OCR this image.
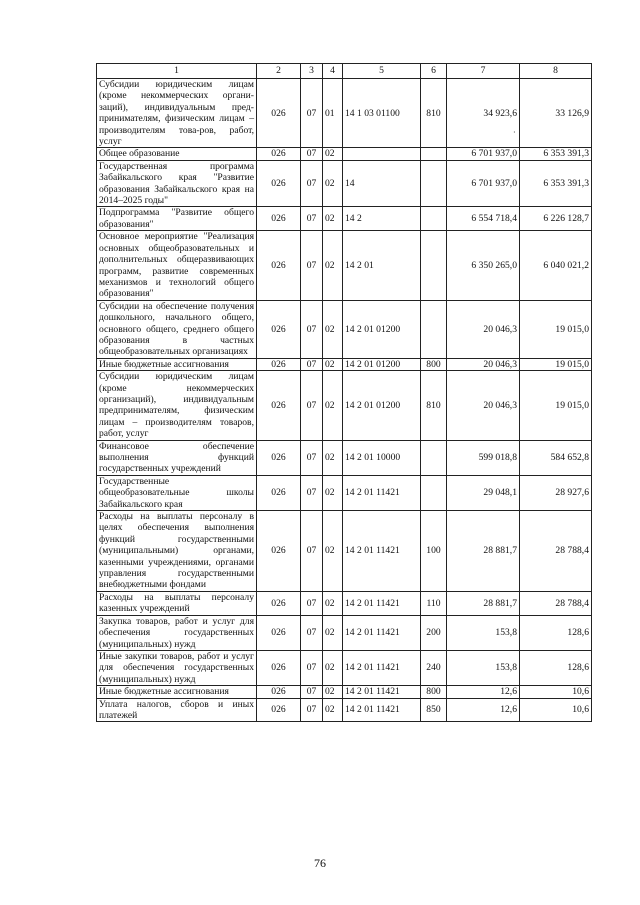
1	2	3	4	5	6	7	8
Субсидии юридическим лицам (кроме некоммерческих органи-заций), индивидуальным пред-принимателям, физическим лицам – производителям това-ров, работ, услуг	026	07	01	14 1 03 01100	810	34 923,6	33 126,9
Общее образование	026	07	02			6 701 937,0	6 353 391,3
Государственная программа Забайкальского края "Развитие образования Забайкальского края на 2014–2025 годы"	026	07	02	14		6 701 937,0	6 353 391,3
Подпрограмма "Развитие общего образования"	026	07	02	14 2		6 554 718,4	6 226 128,7
Основное мероприятие "Реализация основных общеобразовательных и дополнительных общеразвивающих программ, развитие современных механизмов и технологий общего образования"	026	07	02	14 2 01		6 350 265,0	6 040 021,2
Субсидии на обеспечение получения дошкольного, начального общего, основного общего, среднего общего образования в частных общеобразовательных организациях	026	07	02	14 2 01 01200		20 046,3	19 015,0
Иные бюджетные ассигнования	026	07	02	14 2 01 01200	800	20 046,3	19 015,0
Субсидии юридическим лицам (кроме некоммерческих организаций), индивидуальным предпринимателям, физическим лицам – производителям товаров, работ, услуг	026	07	02	14 2 01 01200	810	20 046,3	19 015,0
Финансовое обеспечение выполнения функций государственных учреждений	026	07	02	14 2 01 10000		599 018,8	584 652,8
Государственные общеобразовательные школы Забайкальского края	026	07	02	14 2 01 11421		29 048,1	28 927,6
Расходы на выплаты персоналу в целях обеспечения выполнения функций государственными (муниципальными) органами, казенными учреждениями, органами управления государственными внебюджетными фондами	026	07	02	14 2 01 11421	100	28 881,7	28 788,4
Расходы на выплаты персоналу казенных учреждений	026	07	02	14 2 01 11421	110	28 881,7	28 788,4
Закупка товаров, работ и услуг для обеспечения государственных (муниципальных) нужд	026	07	02	14 2 01 11421	200	153,8	128,6
Иные закупки товаров, работ и услуг для обеспечения государственных (муниципальных) нужд	026	07	02	14 2 01 11421	240	153,8	128,6
Иные бюджетные ассигнования	026	07	02	14 2 01 11421	800	12,6	10,6
Уплата налогов, сборов и иных платежей	026	07	02	14 2 01 11421	850	12,6	10,6
·
76
